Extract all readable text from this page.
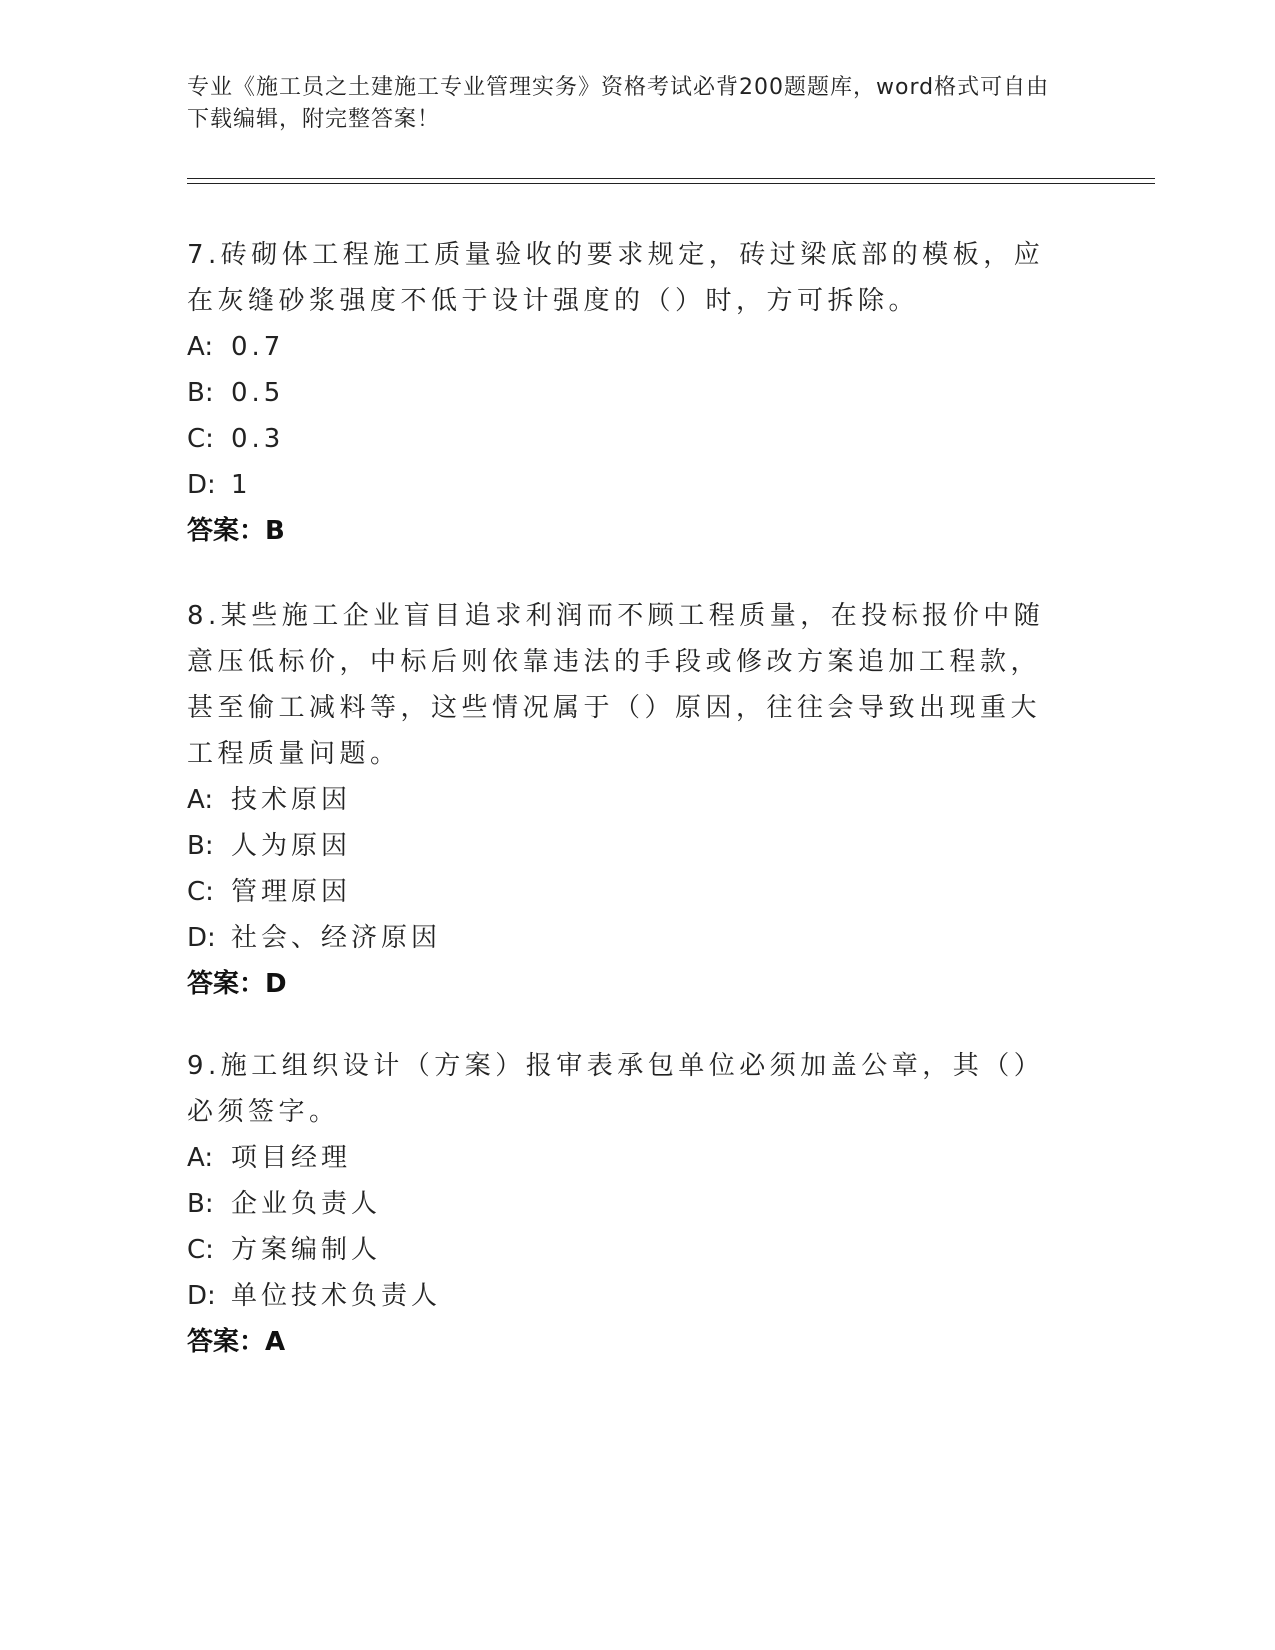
专业《施工员之土建施工专业管理实务》资格考试必背200题题库，word格式可自由下载编辑，附完整答案！
7.砖砌体工程施工质量验收的要求规定，砖过梁底部的模板，应在灰缝砂浆强度不低于设计强度的（）时，方可拆除。
A: 0.7
B: 0.5
C: 0.3
D: 1
答案：B
8.某些施工企业盲目追求利润而不顾工程质量，在投标报价中随意压低标价，中标后则依靠违法的手段或修改方案追加工程款，甚至偷工减料等，这些情况属于（）原因，往往会导致出现重大工程质量问题。
A: 技术原因
B: 人为原因
C: 管理原因
D: 社会、经济原因
答案：D
9.施工组织设计（方案）报审表承包单位必须加盖公章，其（）必须签字。
A: 项目经理
B: 企业负责人
C: 方案编制人
D: 单位技术负责人
答案：A
